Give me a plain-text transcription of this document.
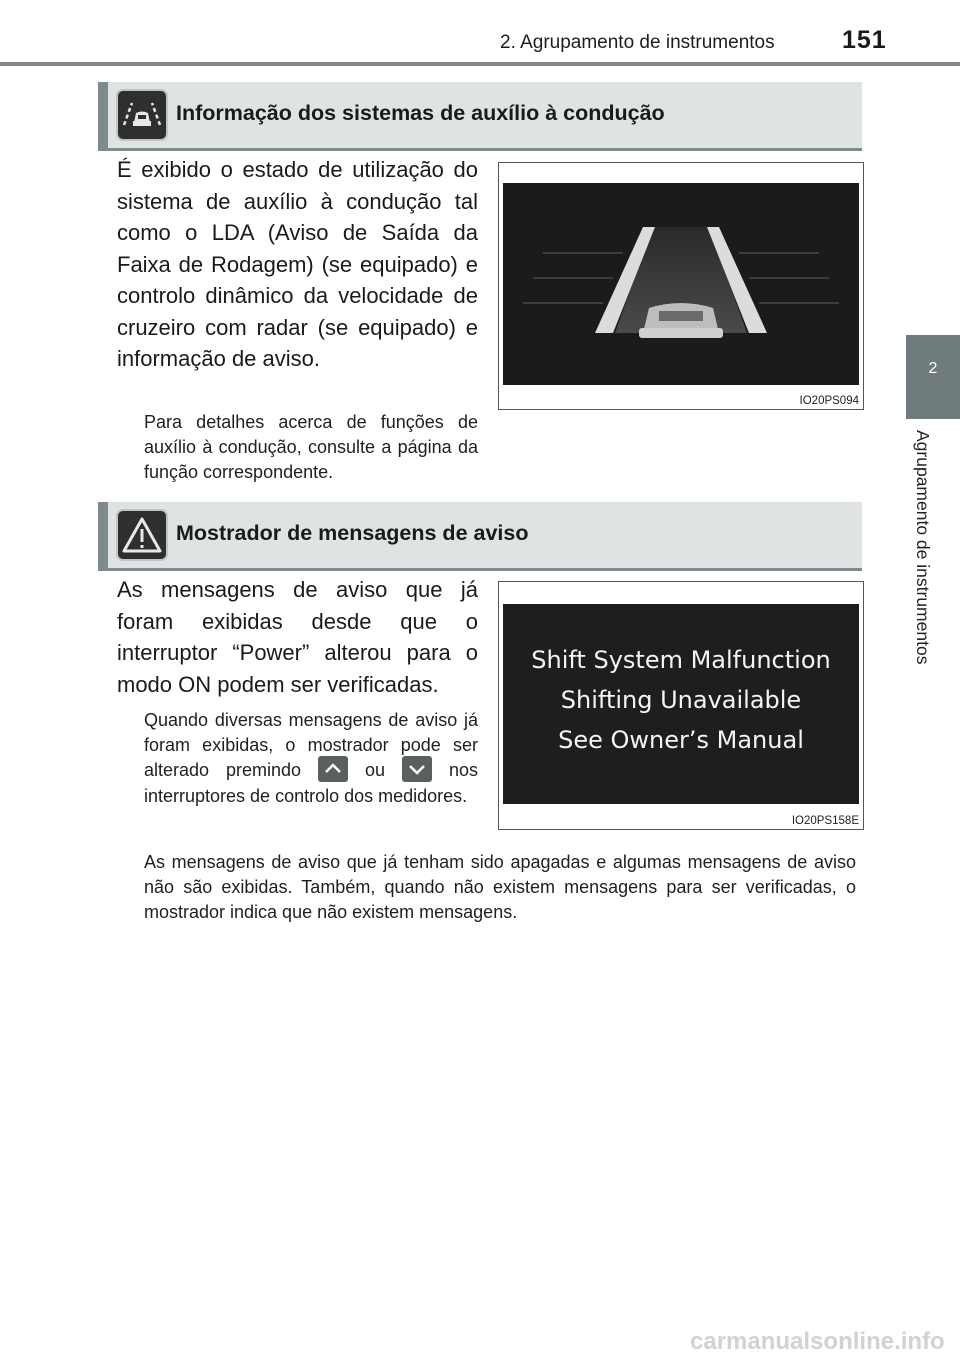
2. Agrupamento de instrumentos	151
2
Agrupamento de instrumentos
Informação dos sistemas de auxílio à condução
É exibido o estado de utilização do sistema de auxílio à condução tal como o LDA (Aviso de Saída da Faixa de Rodagem) (se equipado) e controlo dinâmico da velocidade de cruzeiro com radar (se equipado) e informação de aviso.
Para detalhes acerca de funções de auxílio à condução, consulte a página da função correspondente.
IO20PS094
Mostrador de mensagens de aviso
As mensagens de aviso que já foram exibidas desde que o interruptor “Power” alterou para o modo ON podem ser verificadas.
Quando diversas mensagens de aviso já foram exibidas, o mostrador pode ser alterado premindo	ou	nos interruptores de controlo dos medidores.
As mensagens de aviso que já tenham sido apagadas e algumas mensagens de aviso não são exibidas. Também, quando não existem mensagens para ser verificadas, o mostrador indica que não existem mensagens.
Shift System Malfunction
Shifting Unavailable
See Owner’s Manual
IO20PS158E
carmanualsonline.info
